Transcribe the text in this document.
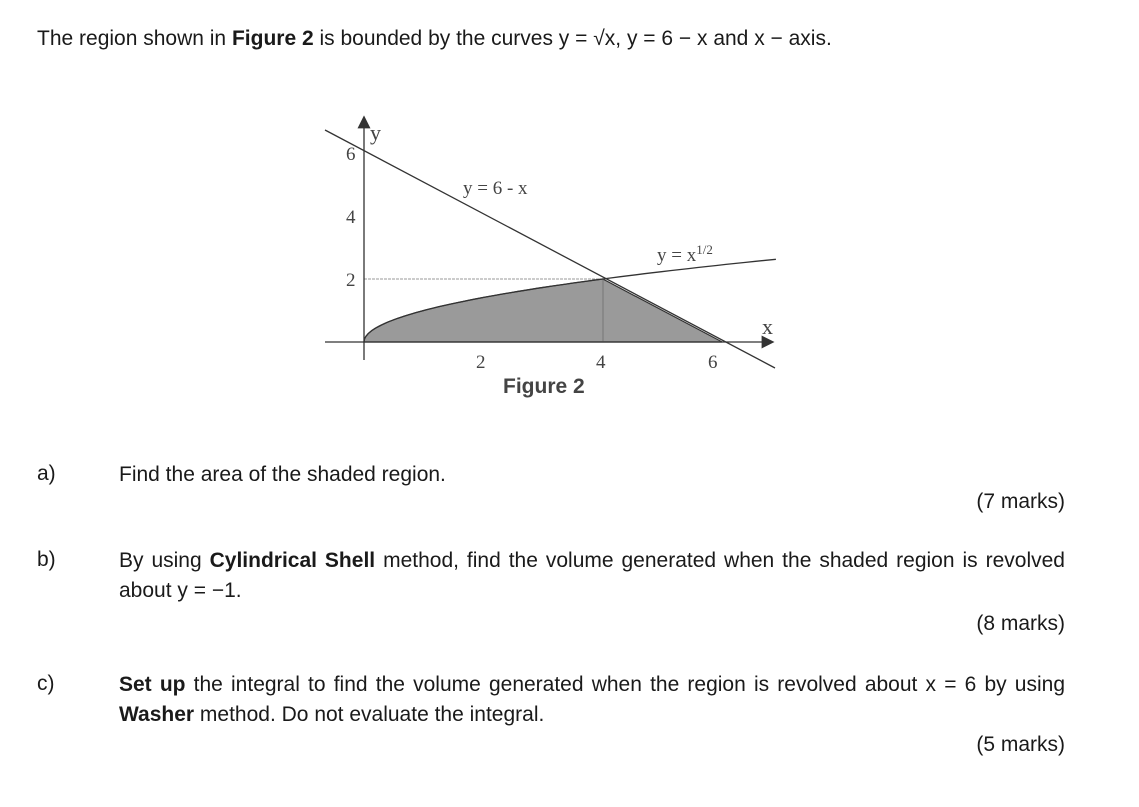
The region shown in Figure 2 is bounded by the curves y = √x, y = 6 − x and x − axis.
y
x
2	4	6
2
4
6
y = 6 - x
$y = x^{1/2}$
Figure 2
a)	Find the area of the shaded region.
(7 marks)
b)	By using Cylindrical Shell method, find the volume generated when the shaded region is revolved about y = −1.
(8 marks)
c)	Set up the integral to find the volume generated when the region is revolved about x = 6 by using Washer method. Do not evaluate the integral.
(5 marks)
